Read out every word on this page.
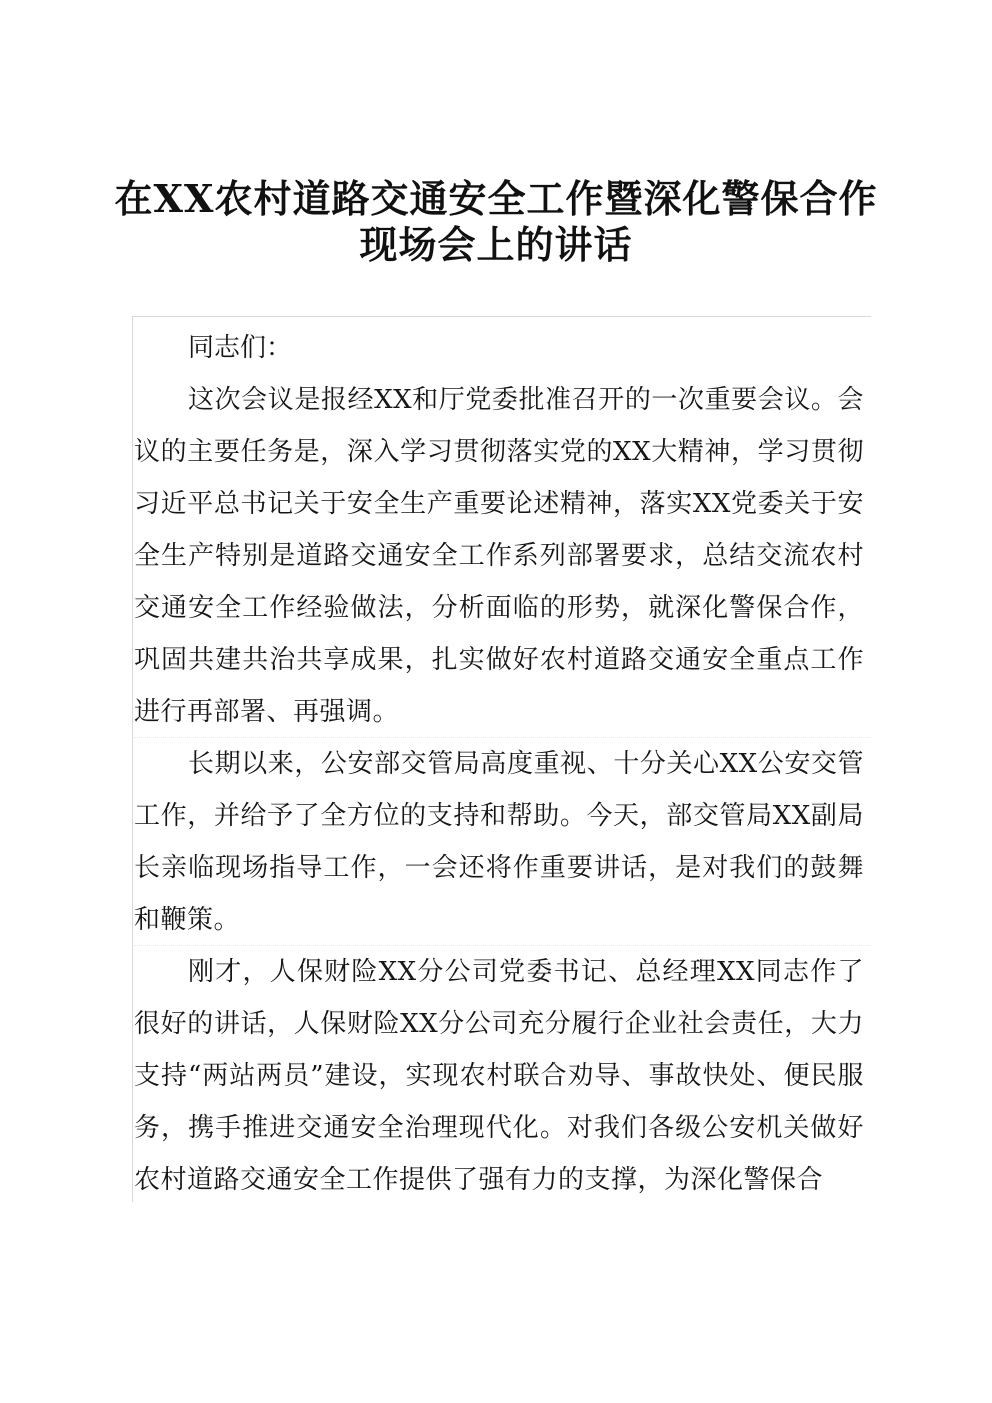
在XX农村道路交通安全工作暨深化警保合作
现场会上的讲话

同志们：

这次会议是报经XX和厅党委批准召开的一次重要会议。会议的主要任务是，深入学习贯彻落实党的XX大精神，学习贯彻习近平总书记关于安全生产重要论述精神，落实XX党委关于安全生产特别是道路交通安全工作系列部署要求，总结交流农村交通安全工作经验做法，分析面临的形势，就深化警保合作，巩固共建共治共享成果，扎实做好农村道路交通安全重点工作进行再部署、再强调。

长期以来，公安部交管局高度重视、十分关心XX公安交管工作，并给予了全方位的支持和帮助。今天，部交管局XX副局长亲临现场指导工作，一会还将作重要讲话，是对我们的鼓舞和鞭策。

刚才，人保财险XX分公司党委书记、总经理XX同志作了很好的讲话，人保财险XX分公司充分履行企业社会责任，大力支持“两站两员”建设，实现农村联合劝导、事故快处、便民服务，携手推进交通安全治理现代化。对我们各级公安机关做好农村道路交通安全工作提供了强有力的支撑，为深化警保合
